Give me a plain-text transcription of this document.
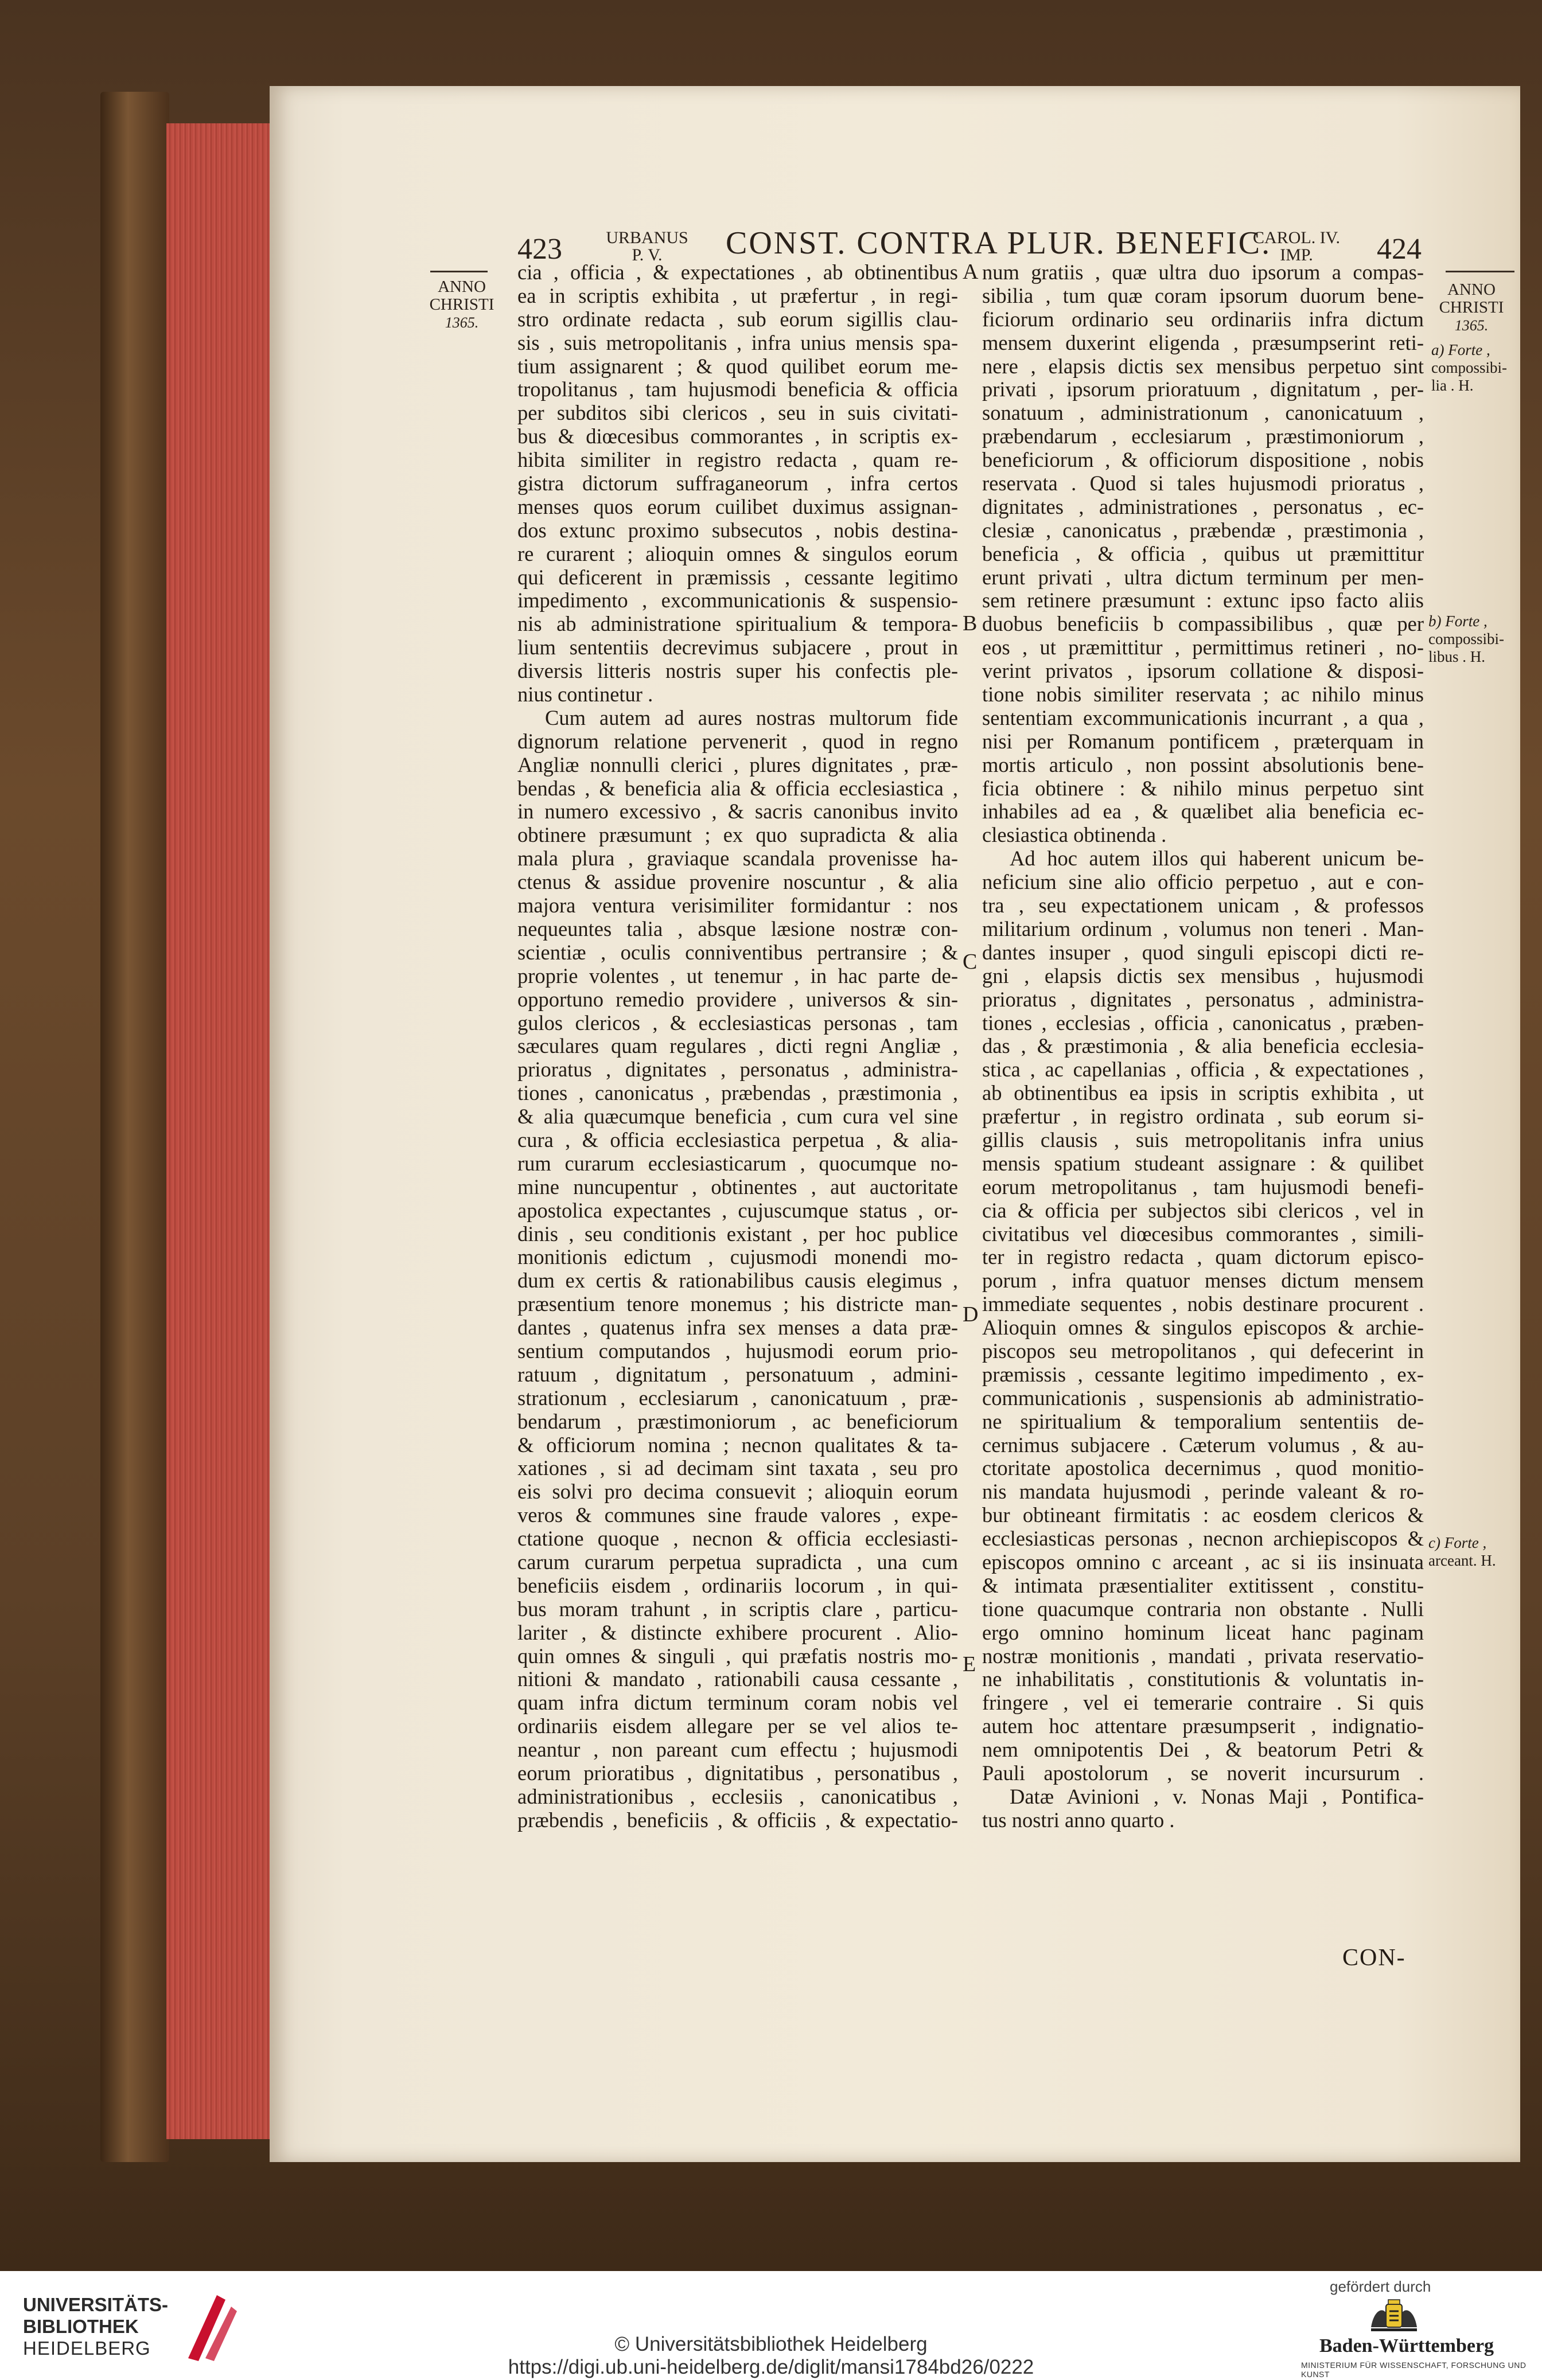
423	URBANUS
P. V.	CONST. CONTRA PLUR. BENEFIC.
CAROL. IV.
IMP.	424
ANNO
CHRISTI
1365.
ANNO
CHRISTI
1365.
cia , officia , & expectationes , ab obtinentibus
ea in scriptis exhibita , ut præfertur , in regi-
stro ordinate redacta , sub eorum sigillis clau-
sis , suis metropolitanis , infra unius mensis spa-
tium assignarent ; & quod quilibet eorum me-
tropolitanus , tam hujusmodi beneficia & officia
per subditos sibi clericos , seu in suis civitati-
bus & diœcesibus commorantes , in scriptis ex-
hibita similiter in registro redacta , quam re-
gistra dictorum suffraganeorum , infra certos
menses quos eorum cuilibet duximus assignan-
dos extunc proximo subsecutos , nobis destina-
re curarent ; alioquin omnes & singulos eorum
qui deficerent in præmissis , cessante legitimo
impedimento , excommunicationis & suspensio-
nis ab administratione spiritualium & tempora-
lium sententiis decrevimus subjacere , prout in
diversis litteris nostris super his confectis ple-
nius continetur .
Cum autem ad aures nostras multorum fide
dignorum relatione pervenerit , quod in regno
Angliæ nonnulli clerici , plures dignitates , præ-
bendas , & beneficia alia & officia ecclesiastica ,
in numero excessivo , & sacris canonibus invito
obtinere præsumunt ; ex quo supradicta & alia
mala plura , graviaque scandala provenisse ha-
ctenus & assidue provenire noscuntur , & alia
majora ventura verisimiliter formidantur : nos
nequeuntes talia , absque læsione nostræ con-
scientiæ , oculis conniventibus pertransire ; &
proprie volentes , ut tenemur , in hac parte de-
opportuno remedio providere , universos & sin-
gulos clericos , & ecclesiasticas personas , tam
sæculares quam regulares , dicti regni Angliæ ,
prioratus , dignitates , personatus , administra-
tiones , canonicatus , præbendas , præstimonia ,
& alia quæcumque beneficia , cum cura vel sine
cura , & officia ecclesiastica perpetua , & alia-
rum curarum ecclesiasticarum , quocumque no-
mine nuncupentur , obtinentes , aut auctoritate
apostolica expectantes , cujuscumque status , or-
dinis , seu conditionis existant , per hoc publice
monitionis edictum , cujusmodi monendi mo-
dum ex certis & rationabilibus causis elegimus ,
præsentium tenore monemus ; his districte man-
dantes , quatenus infra sex menses a data præ-
sentium computandos , hujusmodi eorum prio-
ratuum , dignitatum , personatuum , admini-
strationum , ecclesiarum , canonicatuum , præ-
bendarum , præstimoniorum , ac beneficiorum
& officiorum nomina ; necnon qualitates & ta-
xationes , si ad decimam sint taxata , seu pro
eis solvi pro decima consuevit ; alioquin eorum
veros & communes sine fraude valores , expe-
ctatione quoque , necnon & officia ecclesiasti-
carum curarum perpetua supradicta , una cum
beneficiis eisdem , ordinariis locorum , in qui-
bus moram trahunt , in scriptis clare , particu-
lariter , & distincte exhibere procurent . Alio-
quin omnes & singuli , qui præfatis nostris mo-
nitioni & mandato , rationabili causa cessante ,
quam infra dictum terminum coram nobis vel
ordinariis eisdem allegare per se vel alios te-
neantur , non pareant cum effectu ; hujusmodi
eorum prioratibus , dignitatibus , personatibus ,
administrationibus , ecclesiis , canonicatibus ,
præbendis , beneficiis , & officiis , & expectatio-
num gratiis , quæ ultra duo ipsorum a compas-
sibilia , tum quæ coram ipsorum duorum bene-
ficiorum ordinario seu ordinariis infra dictum
mensem duxerint eligenda , præsumpserint reti-
nere , elapsis dictis sex mensibus perpetuo sint
privati , ipsorum prioratuum , dignitatum , per-
sonatuum , administrationum , canonicatuum ,
præbendarum , ecclesiarum , præstimoniorum ,
beneficiorum , & officiorum dispositione , nobis
reservata . Quod si tales hujusmodi prioratus ,
dignitates , administrationes , personatus , ec-
clesiæ , canonicatus , præbendæ , præstimonia ,
beneficia , & officia , quibus ut præmittitur
erunt privati , ultra dictum terminum per men-
sem retinere præsumunt : extunc ipso facto aliis
duobus beneficiis b compassibilibus , quæ per
eos , ut præmittitur , permittimus retineri , no-
verint privatos , ipsorum collatione & disposi-
tione nobis similiter reservata ; ac nihilo minus
sententiam excommunicationis incurrant , a qua ,
nisi per Romanum pontificem , præterquam in
mortis articulo , non possint absolutionis bene-
ficia obtinere : & nihilo minus perpetuo sint
inhabiles ad ea , & quælibet alia beneficia ec-
clesiastica obtinenda .
Ad hoc autem illos qui haberent unicum be-
neficium sine alio officio perpetuo , aut e con-
tra , seu expectationem unicam , & professos
militarium ordinum , volumus non teneri . Man-
dantes insuper , quod singuli episcopi dicti re-
gni , elapsis dictis sex mensibus , hujusmodi
prioratus , dignitates , personatus , administra-
tiones , ecclesias , officia , canonicatus , præben-
das , & præstimonia , & alia beneficia ecclesia-
stica , ac capellanias , officia , & expectationes ,
ab obtinentibus ea ipsis in scriptis exhibita , ut
præfertur , in registro ordinata , sub eorum si-
gillis clausis , suis metropolitanis infra unius
mensis spatium studeant assignare : & quilibet
eorum metropolitanus , tam hujusmodi benefi-
cia & officia per subjectos sibi clericos , vel in
civitatibus vel diœcesibus commorantes , simili-
ter in registro redacta , quam dictorum episco-
porum , infra quatuor menses dictum mensem
immediate sequentes , nobis destinare procurent .
Alioquin omnes & singulos episcopos & archie-
piscopos seu metropolitanos , qui defecerint in
præmissis , cessante legitimo impedimento , ex-
communicationis , suspensionis ab administratio-
ne spiritualium & temporalium sententiis de-
cernimus subjacere . Cæterum volumus , & au-
ctoritate apostolica decernimus , quod monitio-
nis mandata hujusmodi , perinde valeant & ro-
bur obtineant firmitatis : ac eosdem clericos &
ecclesiasticas personas , necnon archiepiscopos &
episcopos omnino c arceant , ac si iis insinuata
& intimata præsentialiter extitissent , constitu-
tione quacumque contraria non obstante . Nulli
ergo omnino hominum liceat hanc paginam
nostræ monitionis , mandati , privata reservatio-
ne inhabilitatis , constitutionis & voluntatis in-
fringere , vel ei temerarie contraire . Si quis
autem hoc attentare præsumpserit , indignatio-
nem omnipotentis Dei , & beatorum Petri &
Pauli apostolorum , se noverit incursurum .
Datæ Avinioni , v. Nonas Maji , Pontifica-
tus nostri anno quarto .
A
B
C
D
E
a) Forte ,
compossibi-
lia . H.
b) Forte ,
compossibi-
libus . H.
c) Forte ,
arceant. H.
CON-
UNIVERSITÄTS-
BIBLIOTHEK
HEIDELBERG	© Universitätsbibliothek Heidelberg
https://digi.ub.uni-heidelberg.de/diglit/mansi1784bd26/0222
gefördert durch
Baden-Württemberg
MINISTERIUM FÜR WISSENSCHAFT, FORSCHUNG UND KUNST
